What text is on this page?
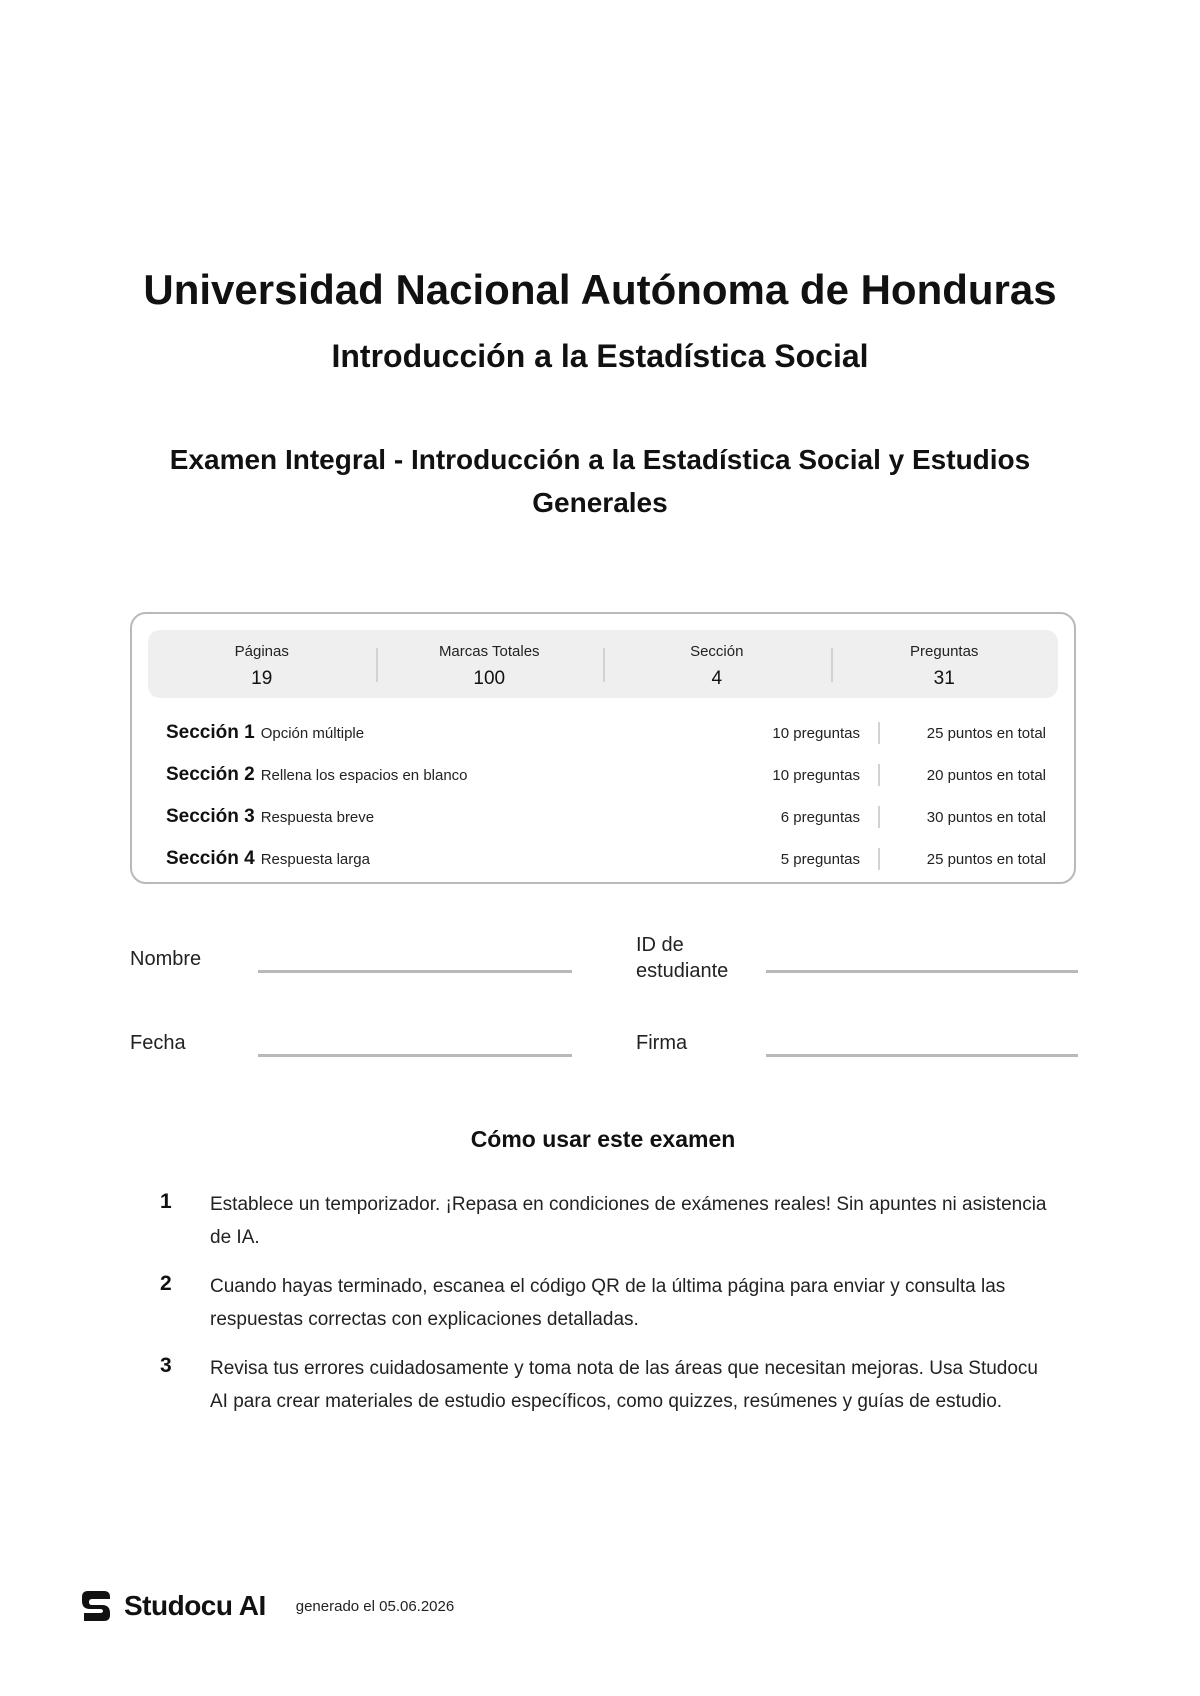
Universidad Nacional Autónoma de Honduras
Introducción a la Estadística Social
Examen Integral - Introducción a la Estadística Social y Estudios Generales
Páginas
19
Marcas Totales
100
Sección
4
Preguntas
31
Sección 1 Opción múltiple	10 preguntas	25 puntos en total
Sección 2 Rellena los espacios en blanco	10 preguntas	20 puntos en total
Sección 3 Respuesta breve	6 preguntas	30 puntos en total
Sección 4 Respuesta larga	5 preguntas	25 puntos en total
Nombre
ID de estudiante
Fecha	Firma
Cómo usar este examen
1 Establece un temporizador. ¡Repasa en condiciones de exámenes reales! Sin apuntes ni asistencia de IA.
2 Cuando hayas terminado, escanea el código QR de la última página para enviar y consulta las respuestas correctas con explicaciones detalladas.
3 Revisa tus errores cuidadosamente y toma nota de las áreas que necesitan mejoras. Usa Studocu AI para crear materiales de estudio específicos, como quizzes, resúmenes y guías de estudio.
Studocu AI generado el 05.06.2026
